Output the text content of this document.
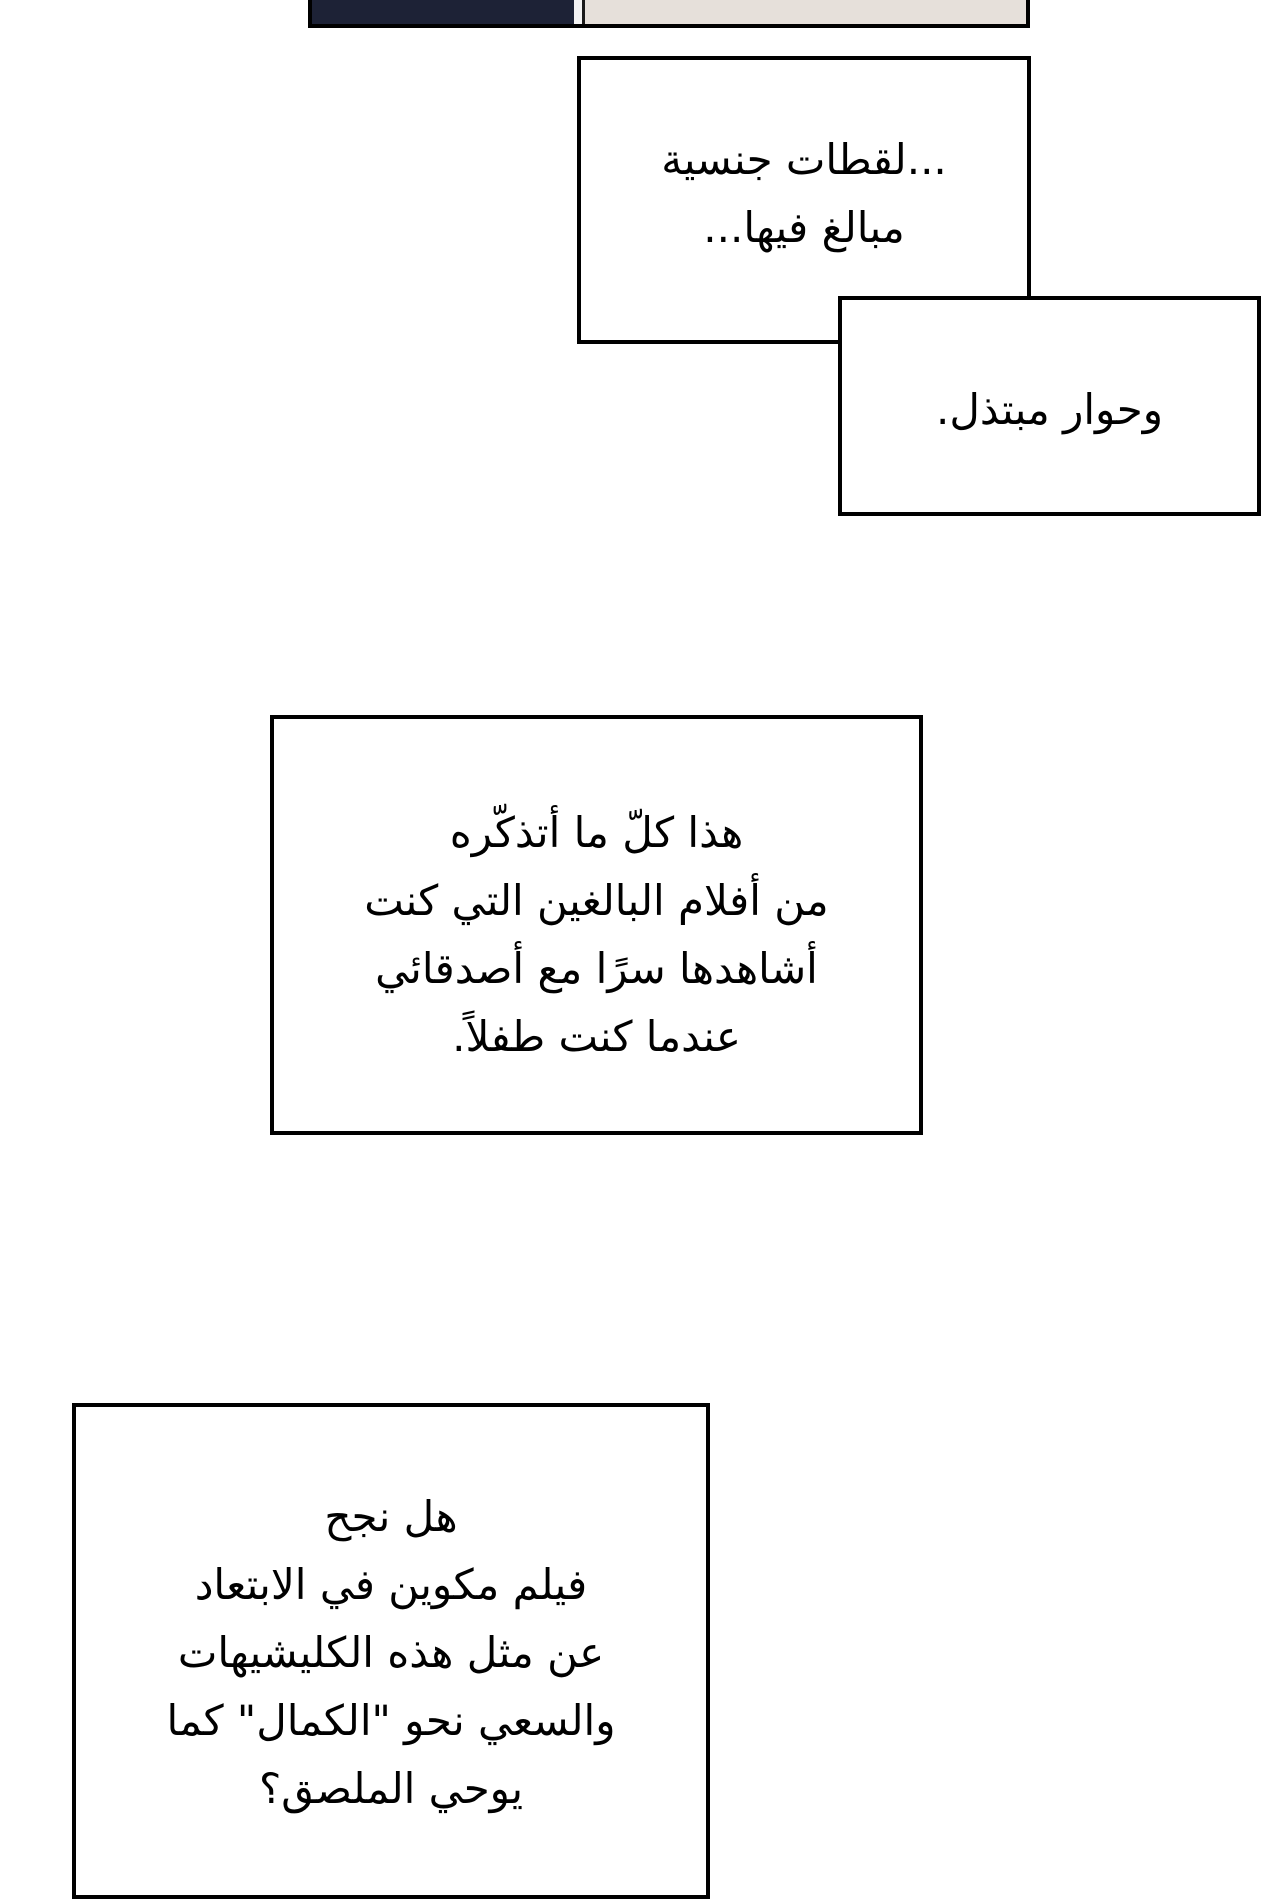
...لقطات جنسية
مبالغ فيها...
وحوار مبتذل.
هذا كلّ ما أتذكّره
من أفلام البالغين التي كنت
أشاهدها سرًا مع أصدقائي
عندما كنت طفلاً.
هل نجح
فيلم مكوين في الابتعاد
عن مثل هذه الكليشيهات
والسعي نحو "الكمال" كما
يوحي الملصق؟
